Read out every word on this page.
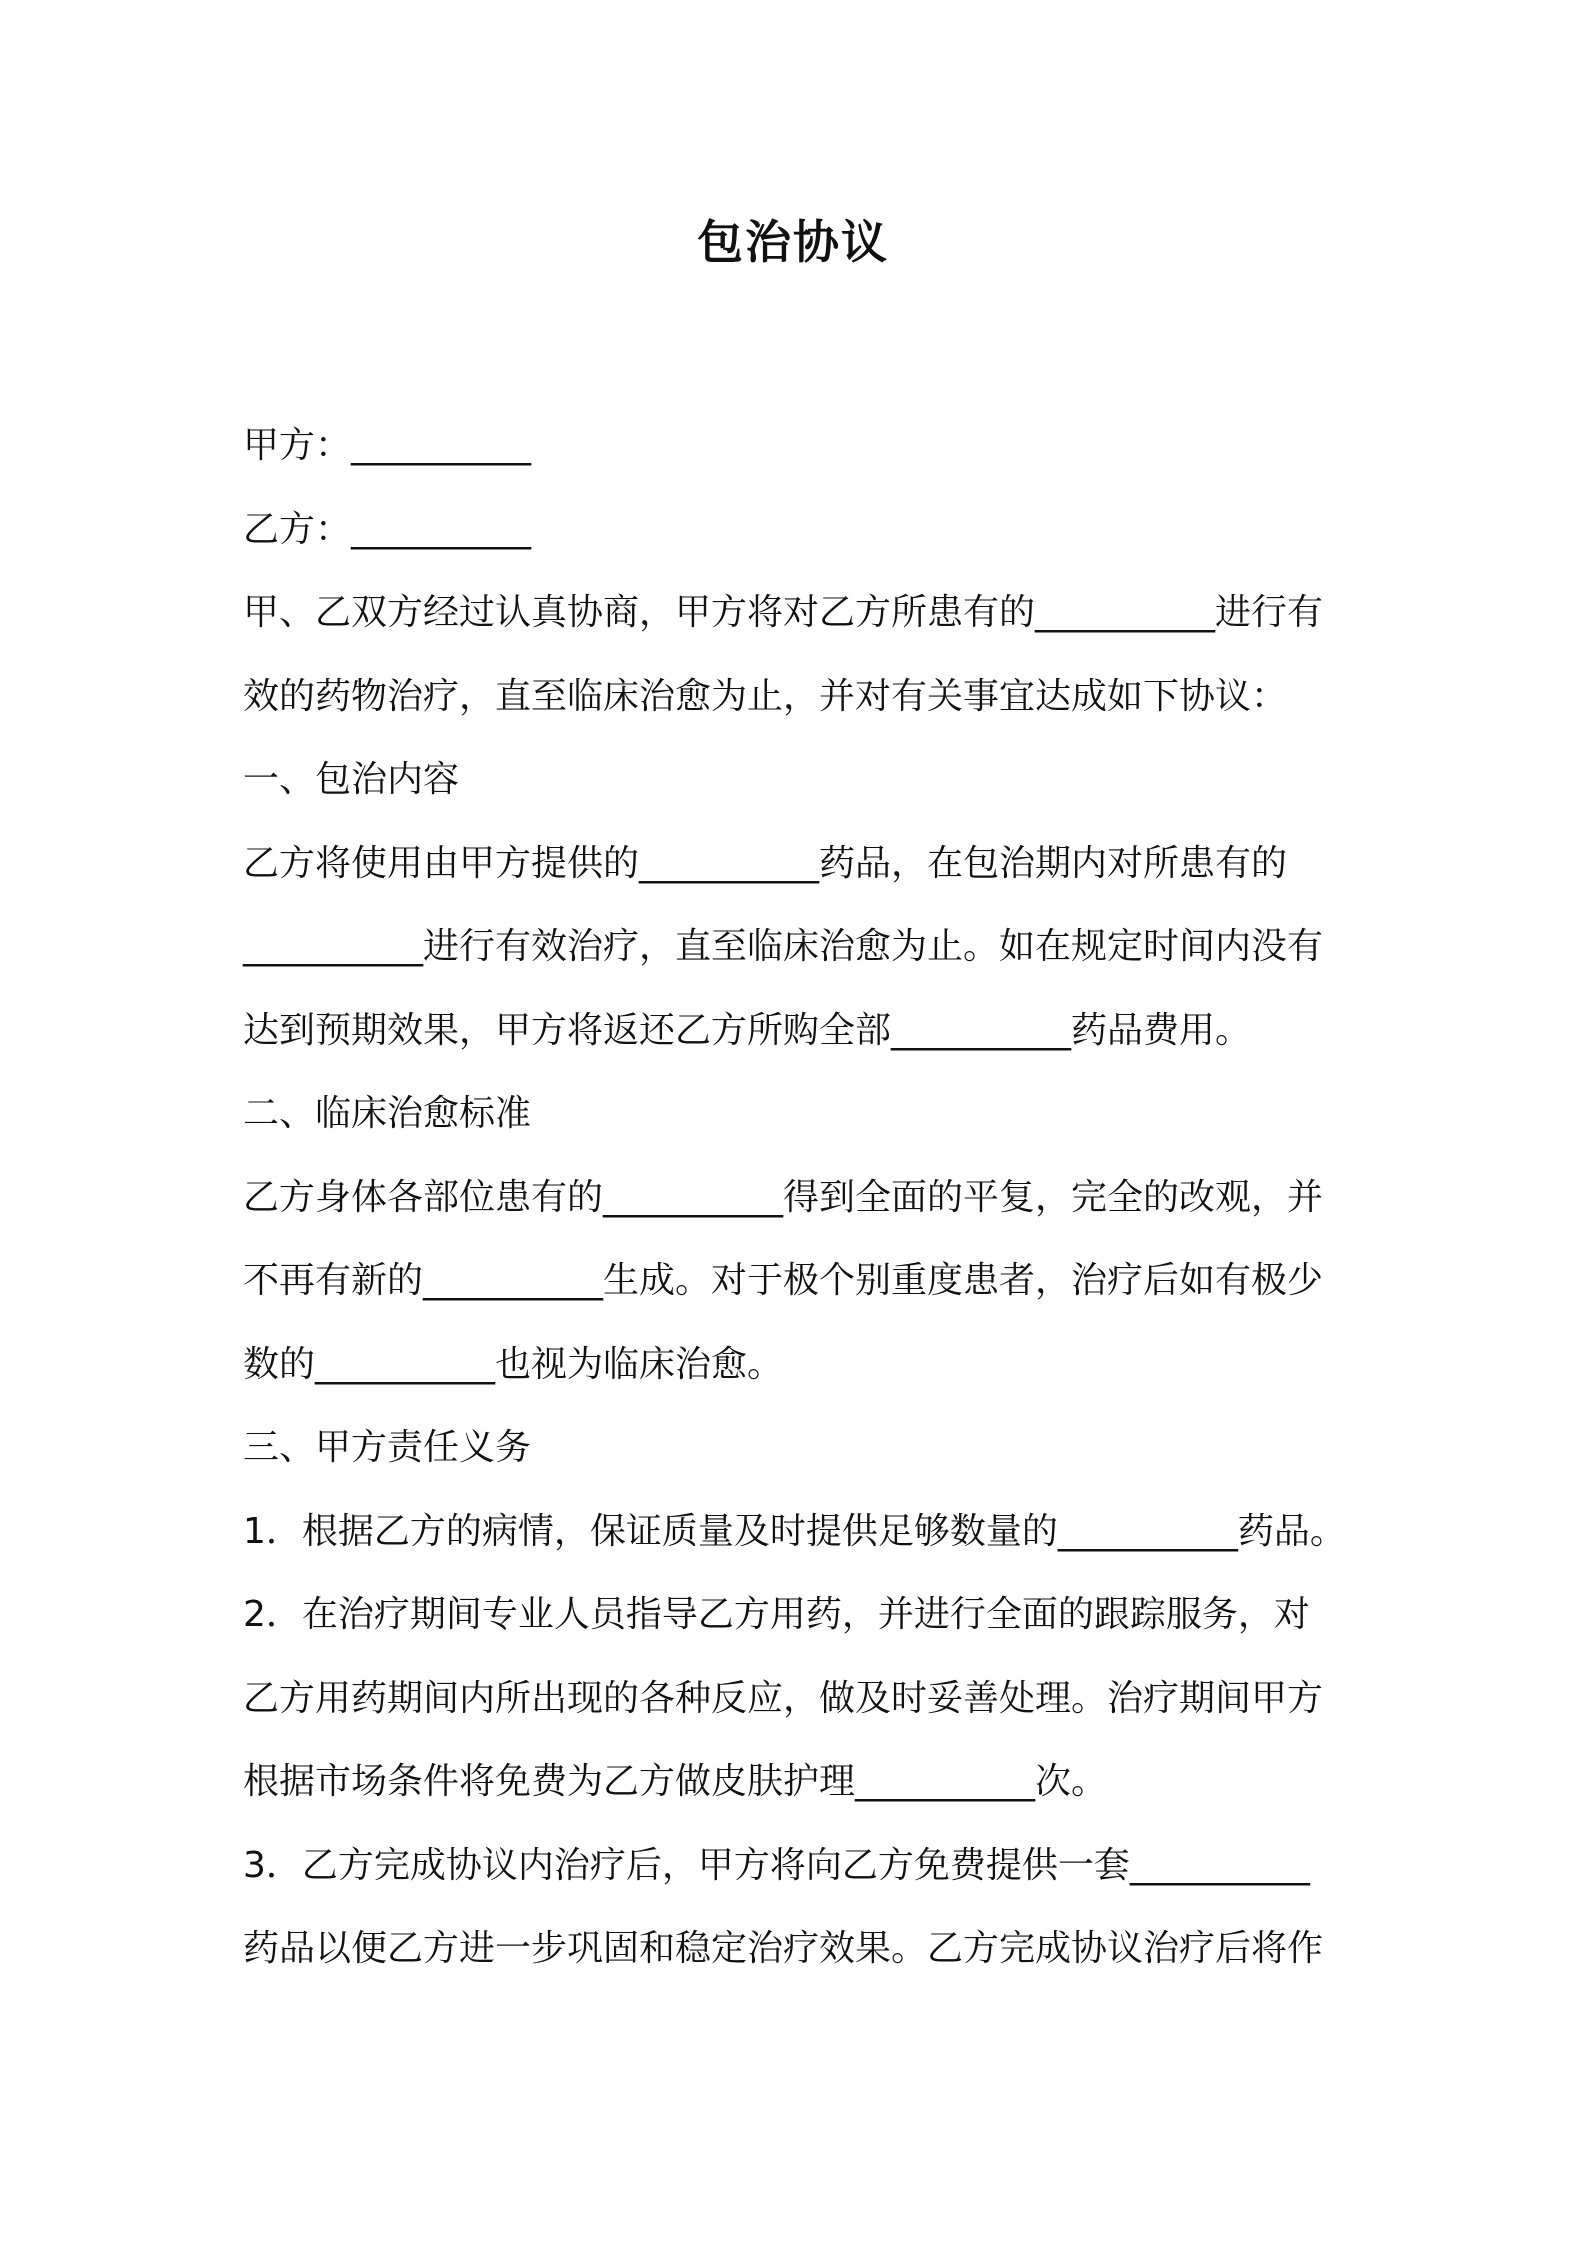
包治协议
甲方：__________
乙方：__________
甲、乙双方经过认真协商，甲方将对乙方所患有的__________进行有
效的药物治疗，直至临床治愈为止，并对有关事宜达成如下协议：
一、包治内容
乙方将使用由甲方提供的__________药品，在包治期内对所患有的
__________进行有效治疗，直至临床治愈为止。如在规定时间内没有
达到预期效果，甲方将返还乙方所购全部__________药品费用。
二、临床治愈标准
乙方身体各部位患有的__________得到全面的平复，完全的改观，并
不再有新的__________生成。对于极个别重度患者，治疗后如有极少
数的__________也视为临床治愈。
三、甲方责任义务
1．根据乙方的病情，保证质量及时提供足够数量的__________药品。
2．在治疗期间专业人员指导乙方用药，并进行全面的跟踪服务，对
乙方用药期间内所出现的各种反应，做及时妥善处理。治疗期间甲方
根据市场条件将免费为乙方做皮肤护理__________次。
3．乙方完成协议内治疗后，甲方将向乙方免费提供一套__________
药品以便乙方进一步巩固和稳定治疗效果。乙方完成协议治疗后将作
